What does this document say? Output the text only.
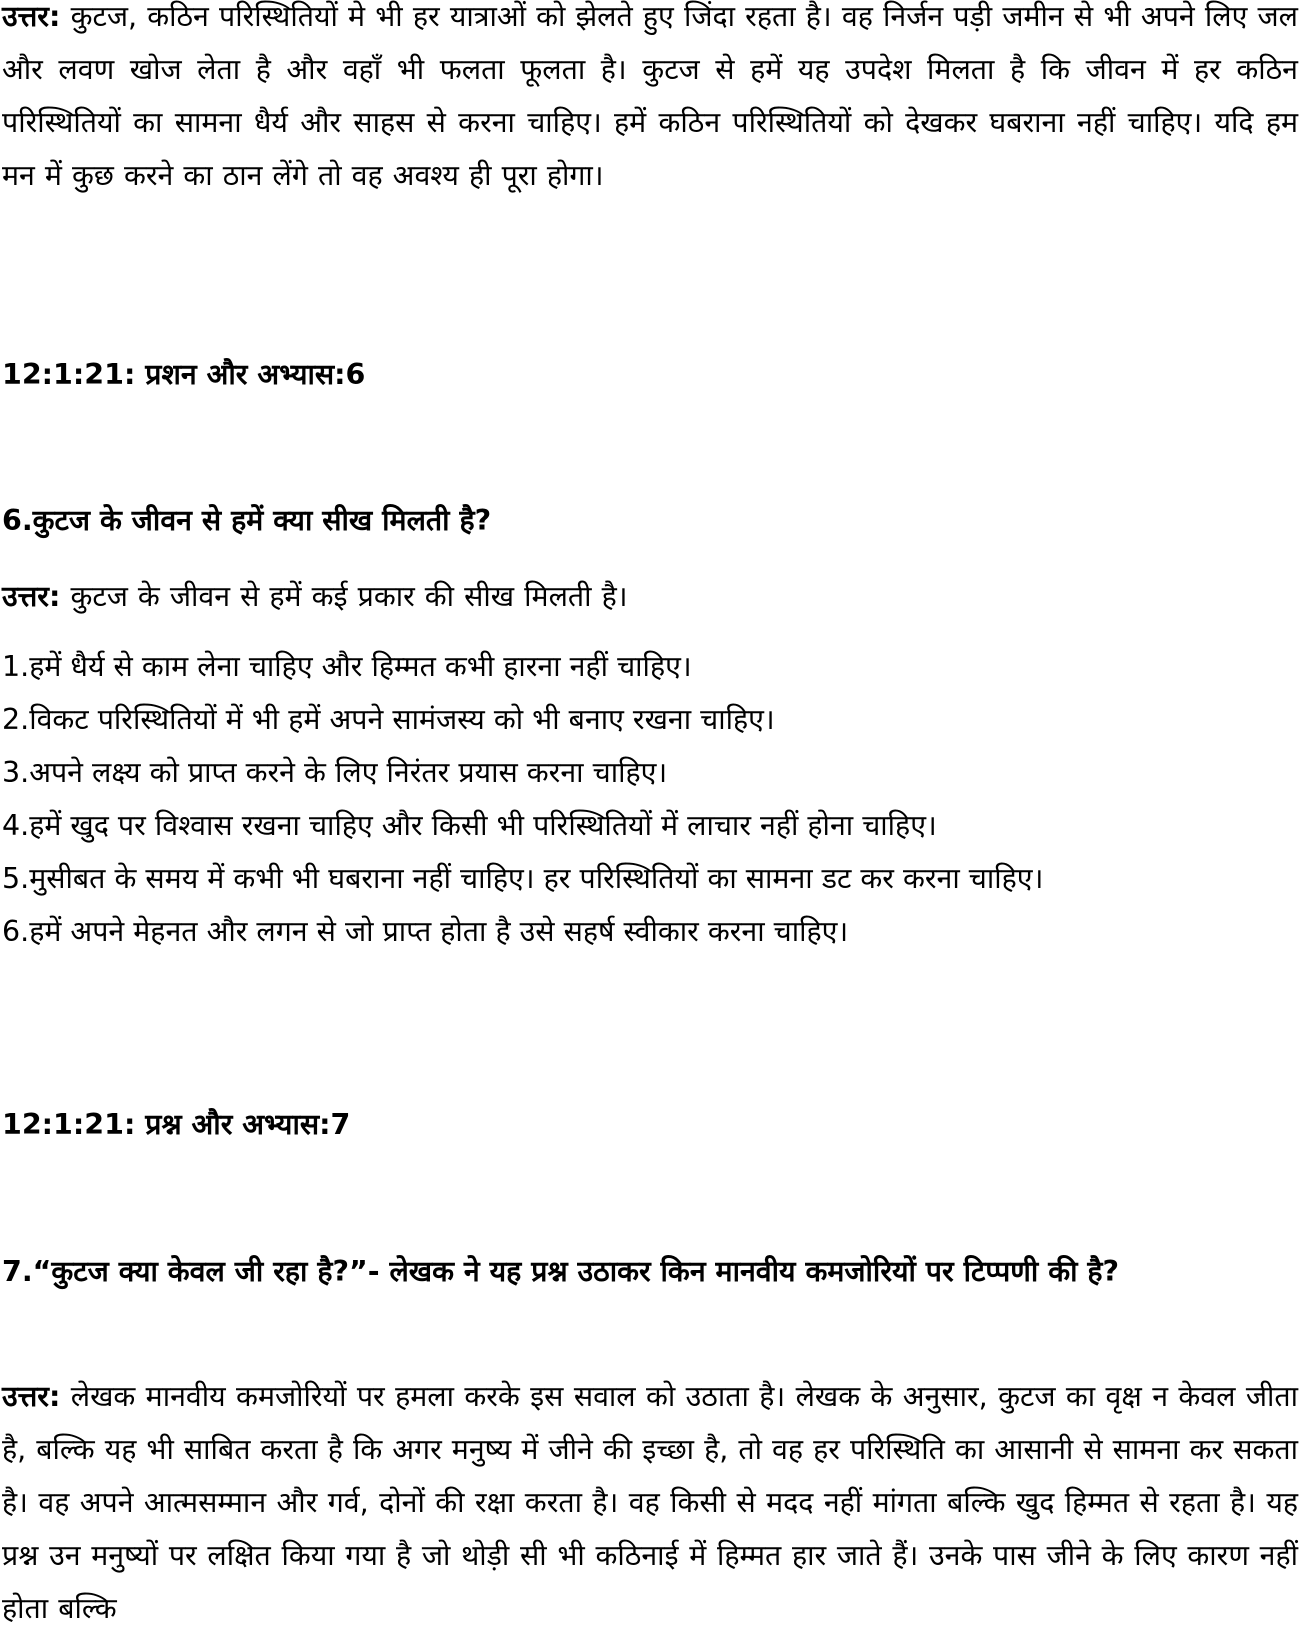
उत्तर: कुटज, कठिन परिस्थितियों मे भी हर यात्राओं को झेलते हुए जिंदा रहता है। वह निर्जन पड़ी जमीन से भी अपने लिए जल और लवण खोज लेता है और वहाँ भी फलता फूलता है। कुटज से हमें यह उपदेश मिलता है कि जीवन में हर कठिन परिस्थितियों का सामना धैर्य और साहस से करना चाहिए। हमें कठिन परिस्थितियों को देखकर घबराना नहीं चाहिए। यदि हम मन में कुछ करने का ठान लेंगे तो वह अवश्य ही पूरा होगा।

12:1:21: प्रशन और अभ्यास:6

6.कुटज के जीवन से हमें क्या सीख मिलती है?

उत्तर: कुटज के जीवन से हमें कई प्रकार की सीख मिलती है।

1.हमें धैर्य से काम लेना चाहिए और हिम्मत कभी हारना नहीं चाहिए।

2.विकट परिस्थितियों में भी हमें अपने सामंजस्य को भी बनाए रखना चाहिए।

3.अपने लक्ष्य को प्राप्त करने के लिए निरंतर प्रयास करना चाहिए।

4.हमें खुद पर विश्वास रखना चाहिए और किसी भी परिस्थितियों में लाचार नहीं होना चाहिए।

5.मुसीबत के समय में कभी भी घबराना नहीं चाहिए। हर परिस्थितियों का सामना डट कर करना चाहिए।

6.हमें अपने मेहनत और लगन से जो प्राप्त होता है उसे सहर्ष स्वीकार करना चाहिए।

12:1:21: प्रश्न और अभ्यास:7

7.“कुटज क्या केवल जी रहा है?”- लेखक ने यह प्रश्न उठाकर किन मानवीय कमजोरियों पर टिप्पणी की है?

उत्तर: लेखक मानवीय कमजोरियों पर हमला करके इस सवाल को उठाता है। लेखक के अनुसार, कुटज का वृक्ष न केवल जीता है, बल्कि यह भी साबित करता है कि अगर मनुष्य में जीने की इच्छा है, तो वह हर परिस्थिति का आसानी से सामना कर सकता है। वह अपने आत्मसम्मान और गर्व, दोनों की रक्षा करता है। वह किसी से मदद नहीं मांगता बल्कि खुद हिम्मत से रहता है। यह प्रश्न उन मनुष्यों पर लक्षित किया गया है जो थोड़ी सी भी कठिनाई में हिम्मत हार जाते हैं। उनके पास जीने के लिए कारण नहीं होता बल्कि
